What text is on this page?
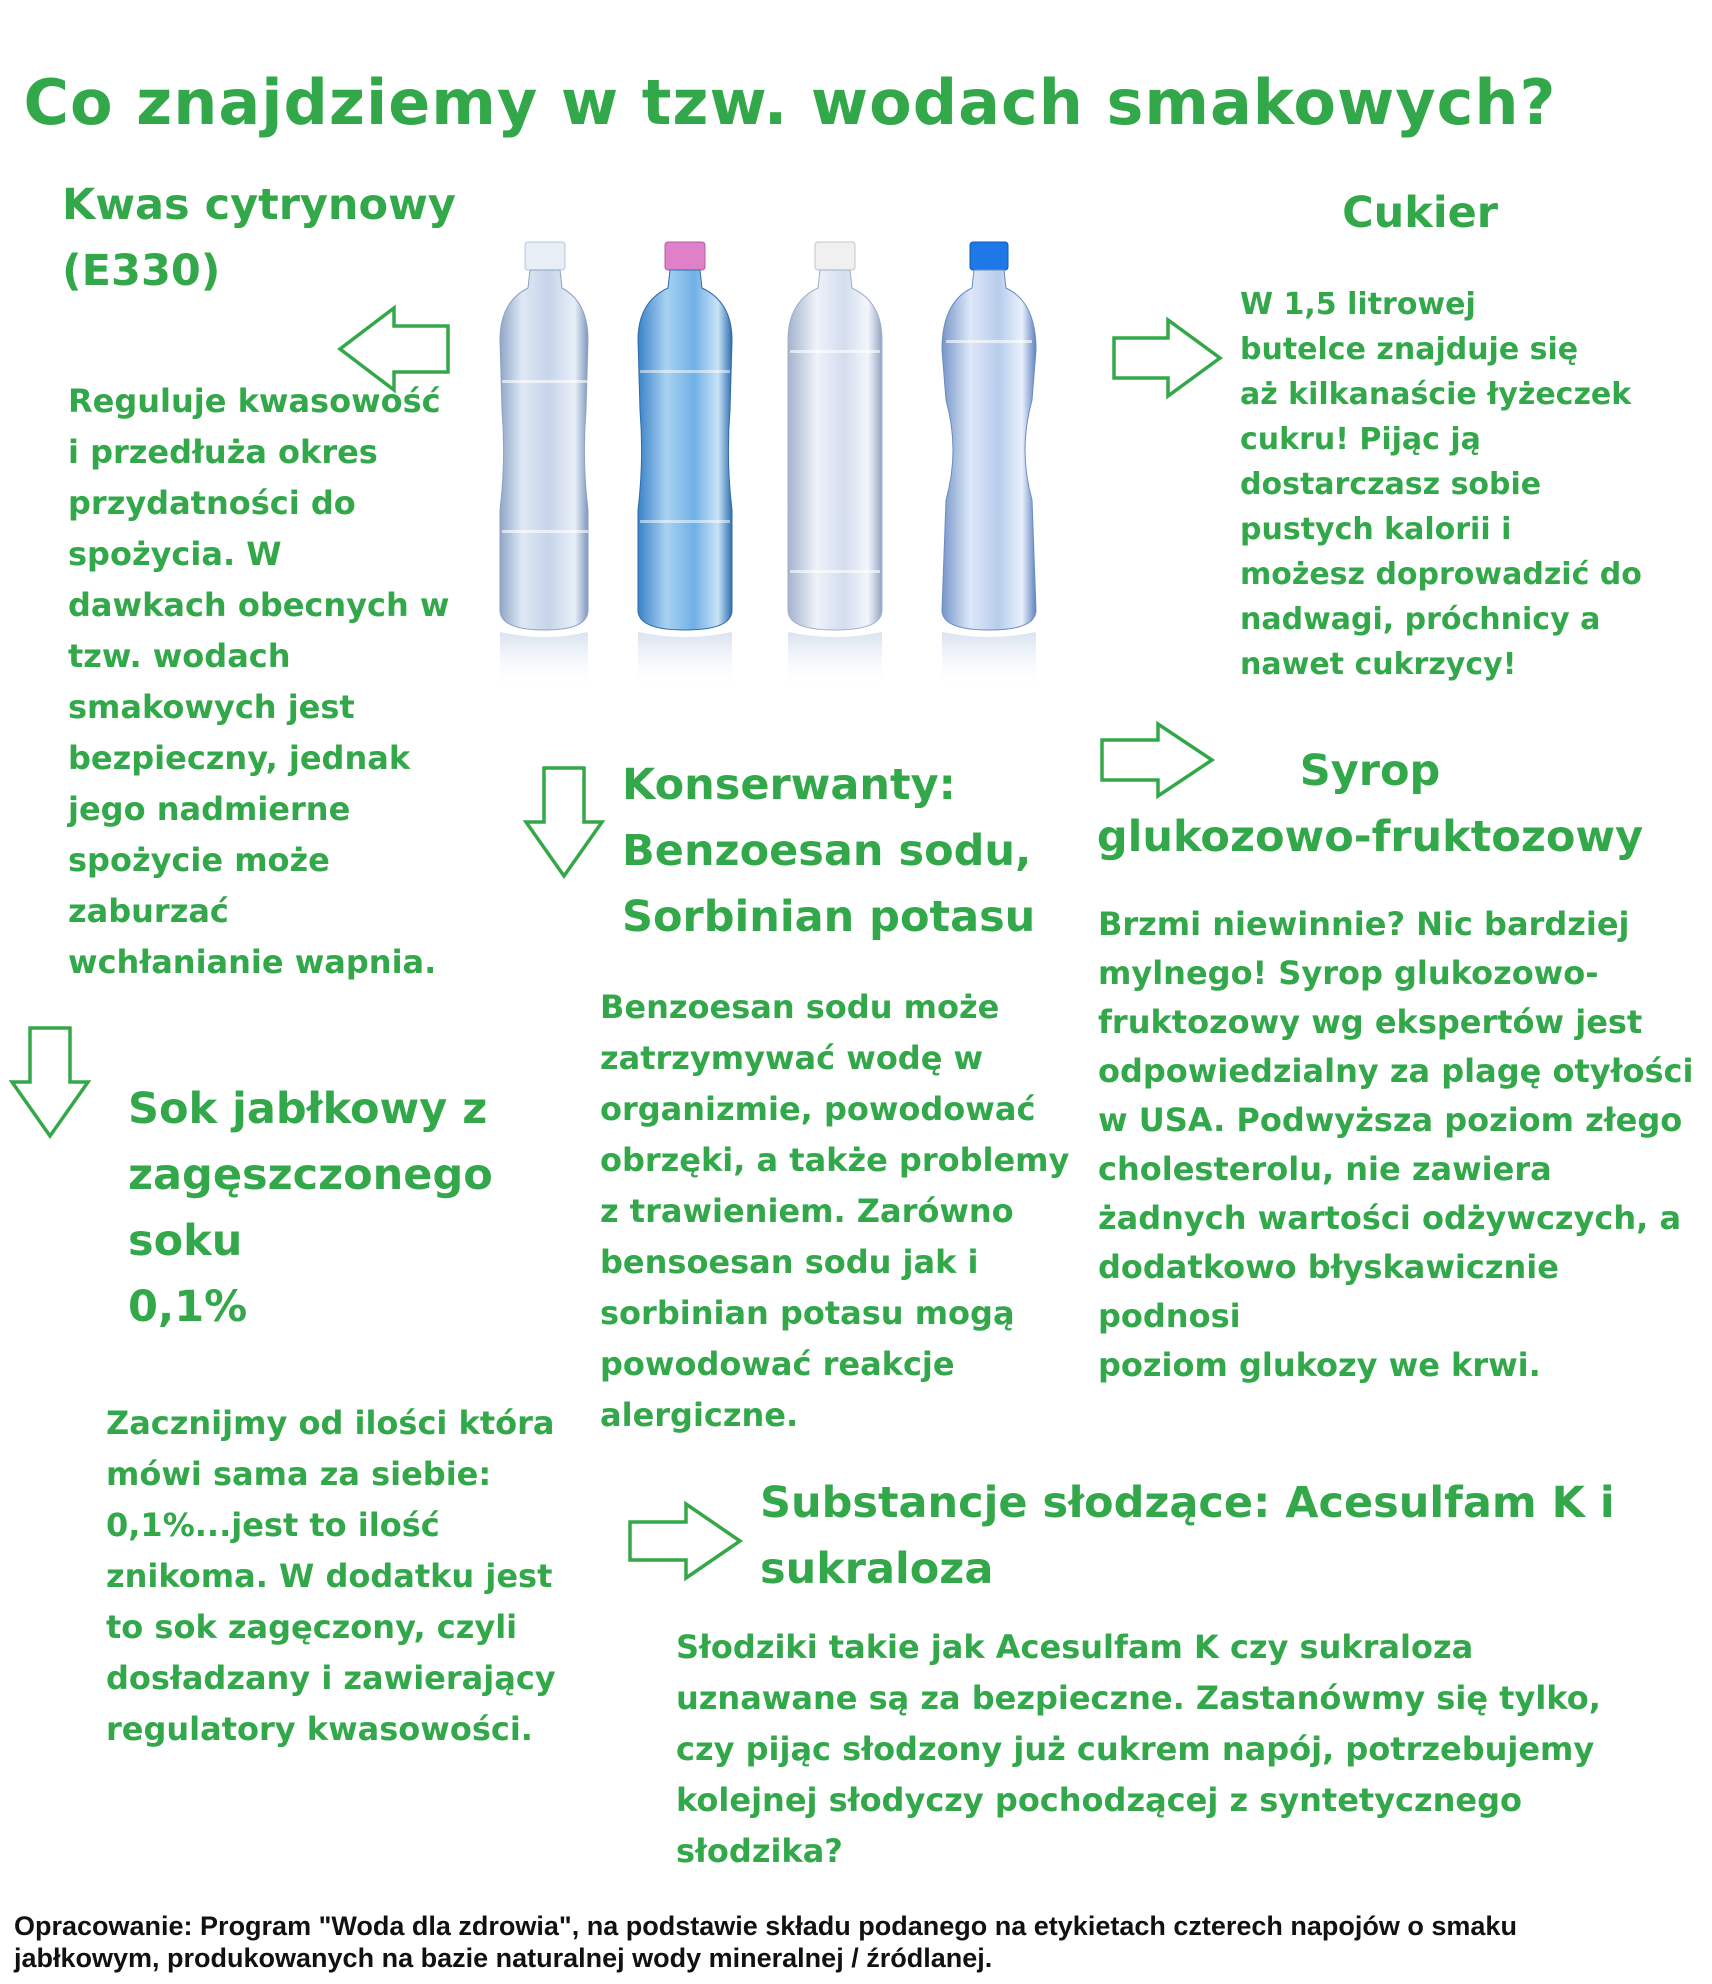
Co znajdziemy w tzw. wodach smakowych?
Kwas cytrynowy
(E330)
Reguluje kwasowość
i przedłuża okres
przydatności do
spożycia. W
dawkach obecnych w
tzw. wodach
smakowych jest
bezpieczny, jednak
jego nadmierne
spożycie może
zaburzać
wchłanianie wapnia.
Cukier
W 1,5 litrowej
butelce znajduje się
aż kilkanaście łyżeczek
cukru! Pijąc ją
dostarczasz sobie
pustych kalorii i
możesz doprowadzić do
nadwagi, próchnicy a
nawet cukrzycy!
Konserwanty:
Benzoesan sodu,
Sorbinian potasu
Benzoesan sodu może
zatrzymywać wodę w
organizmie, powodować
obrzęki, a także problemy
z trawieniem. Zarówno
bensoesan sodu jak i
sorbinian potasu mogą
powodować reakcje
alergiczne.
Syrop
glukozowo-fruktozowy
Brzmi niewinnie? Nic bardziej
mylnego! Syrop glukozowo-
fruktozowy wg ekspertów jest
odpowiedzialny za plagę otyłości
w USA. Podwyższa poziom złego
cholesterolu, nie zawiera
żadnych wartości odżywczych, a
dodatkowo błyskawicznie podnosi
poziom glukozy we krwi.
Sok jabłkowy z
zagęszczonego
soku
0,1%
Zacznijmy od ilości która
mówi sama za siebie:
0,1%...jest to ilość
znikoma. W dodatku jest
to sok zagęczony, czyli
dosładzany i zawierający
regulatory kwasowości.
Substancje słodzące: Acesulfam K i
sukraloza
Słodziki takie jak Acesulfam K czy sukraloza
uznawane są za bezpieczne. Zastanówmy się tylko,
czy pijąc słodzony już cukrem napój, potrzebujemy
kolejnej słodyczy pochodzącej z syntetycznego
słodzika?
Opracowanie: Program "Woda dla zdrowia", na podstawie składu podanego na etykietach czterech napojów o smaku
jabłkowym, produkowanych na bazie naturalnej wody mineralnej / źródlanej.
